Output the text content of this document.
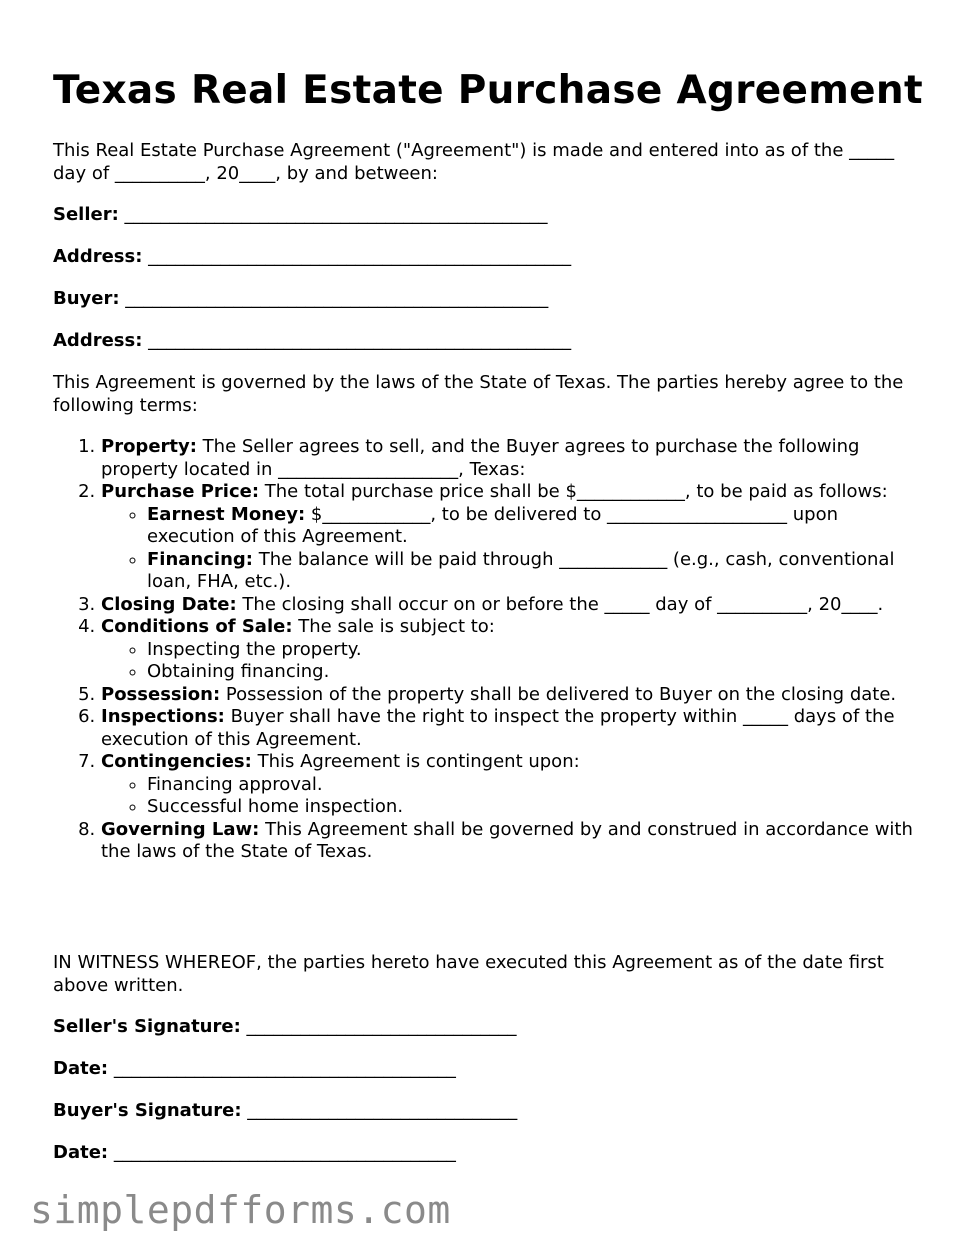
Texas Real Estate Purchase Agreement

This Real Estate Purchase Agreement ("Agreement") is made and entered into as of the _____ day of __________, 20____, by and between:

Seller: _______________________________________________

Address: _______________________________________________

Buyer: _______________________________________________

Address: _______________________________________________

This Agreement is governed by the laws of the State of Texas. The parties hereby agree to the following terms:

1. Property: The Seller agrees to sell, and the Buyer agrees to purchase the following property located in ____________________, Texas:
2. Purchase Price: The total purchase price shall be $____________, to be paid as follows:
◦ Earnest Money: $____________, to be delivered to ____________________ upon execution of this Agreement.
◦ Financing: The balance will be paid through ____________ (e.g., cash, conventional loan, FHA, etc.).
3. Closing Date: The closing shall occur on or before the _____ day of __________, 20____.
4. Conditions of Sale: The sale is subject to:
◦ Inspecting the property.
◦ Obtaining financing.
5. Possession: Possession of the property shall be delivered to Buyer on the closing date.
6. Inspections: Buyer shall have the right to inspect the property within _____ days of the execution of this Agreement.
7. Contingencies: This Agreement is contingent upon:
◦ Financing approval.
◦ Successful home inspection.
8. Governing Law: This Agreement shall be governed by and construed in accordance with the laws of the State of Texas.

IN WITNESS WHEREOF, the parties hereto have executed this Agreement as of the date first above written.

Seller's Signature: ______________________________

Date: ______________________________________

Buyer's Signature: ______________________________

Date: ______________________________________

simplepdfforms.com
